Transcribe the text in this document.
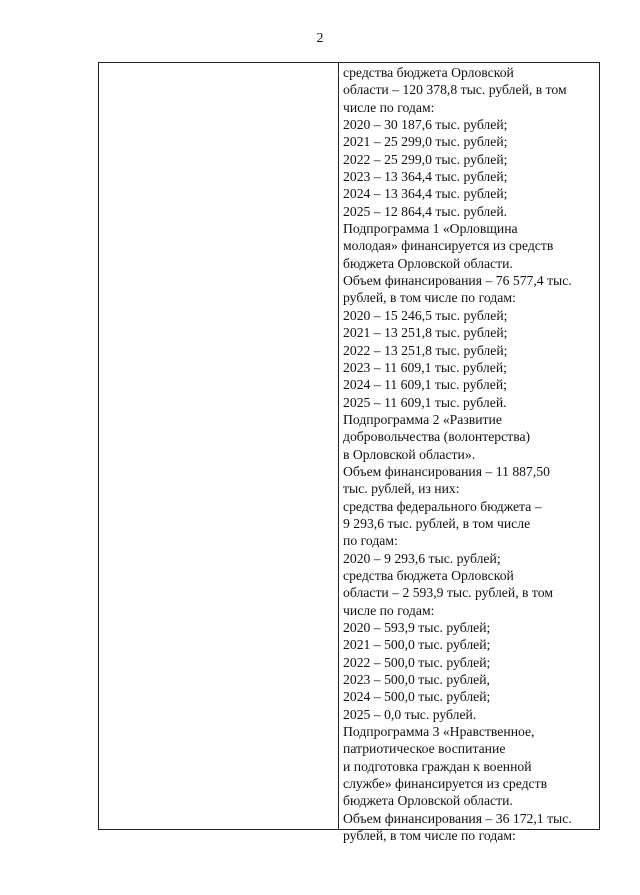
2
средства бюджета Орловской
области – 120 378,8 тыс. рублей, в том
числе по годам:
2020 – 30 187,6 тыс. рублей;
2021 – 25 299,0 тыс. рублей;
2022 – 25 299,0 тыс. рублей;
2023 – 13 364,4 тыс. рублей;
2024 – 13 364,4 тыс. рублей;
2025 – 12 864,4 тыс. рублей.
Подпрограмма 1 «Орловщина
молодая» финансируется из средств
бюджета Орловской области.
Объем финансирования – 76 577,4 тыс.
рублей, в том числе по годам:
2020 – 15 246,5 тыс. рублей;
2021 – 13 251,8 тыс. рублей;
2022 – 13 251,8 тыс. рублей;
2023 – 11 609,1 тыс. рублей;
2024 – 11 609,1 тыс. рублей;
2025 – 11 609,1 тыс. рублей.
Подпрограмма 2 «Развитие
добровольчества (волонтерства)
в Орловской области».
Объем финансирования – 11 887,50
тыс. рублей, из них:
средства федерального бюджета –
9 293,6 тыс. рублей, в том числе
по годам:
2020 – 9 293,6 тыс. рублей;
средства бюджета Орловской
области – 2 593,9 тыс. рублей, в том
числе по годам:
2020 – 593,9 тыс. рублей;
2021 – 500,0 тыс. рублей;
2022 – 500,0 тыс. рублей;
2023 – 500,0 тыс. рублей,
2024 – 500,0 тыс. рублей;
2025 – 0,0 тыс. рублей.
Подпрограмма 3 «Нравственное,
патриотическое воспитание
и подготовка граждан к военной
службе» финансируется из средств
бюджета Орловской области.
Объем финансирования – 36 172,1 тыс.
рублей, в том числе по годам:
